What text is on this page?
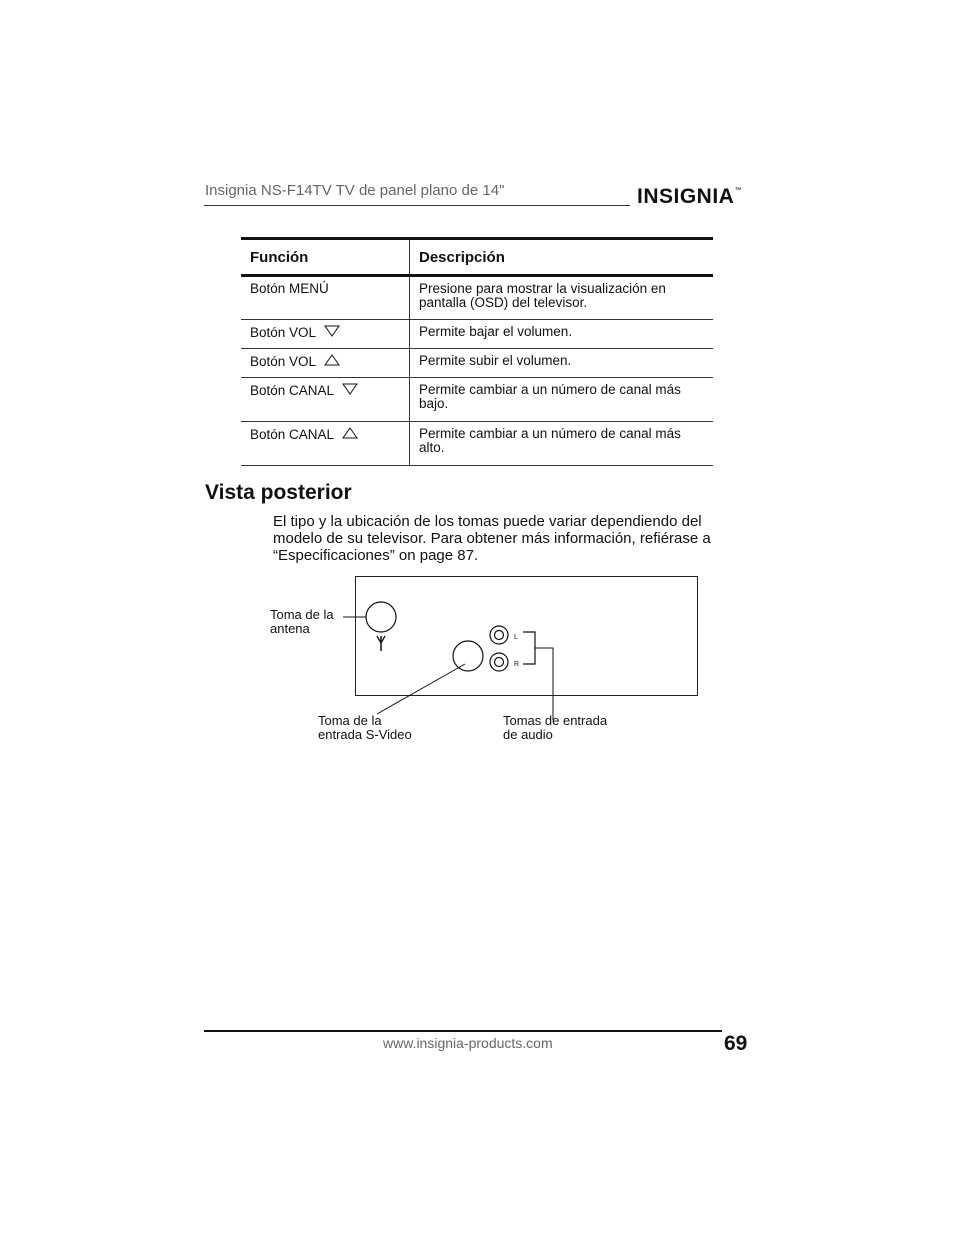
Insignia NS-F14TV TV de panel plano de 14"	INSIGNIA™
Función	Descripción
Botón MENÚ	Presione para mostrar la visualización en pantalla (OSD) del televisor.
Botón VOL	Permite bajar el volumen.
Botón VOL	Permite subir el volumen.
Botón CANAL	Permite cambiar a un número de canal más bajo.
Botón CANAL	Permite cambiar a un número de canal más alto.
Vista posterior
El tipo y la ubicación de los tomas puede variar dependiendo del modelo de su televisor. Para obtener más información, refiérase a “Especificaciones” on page 87.
L
R
Toma de la
antena
Toma de la
entrada S-Video
Tomas de entrada
de audio
www.insignia-products.com	69
